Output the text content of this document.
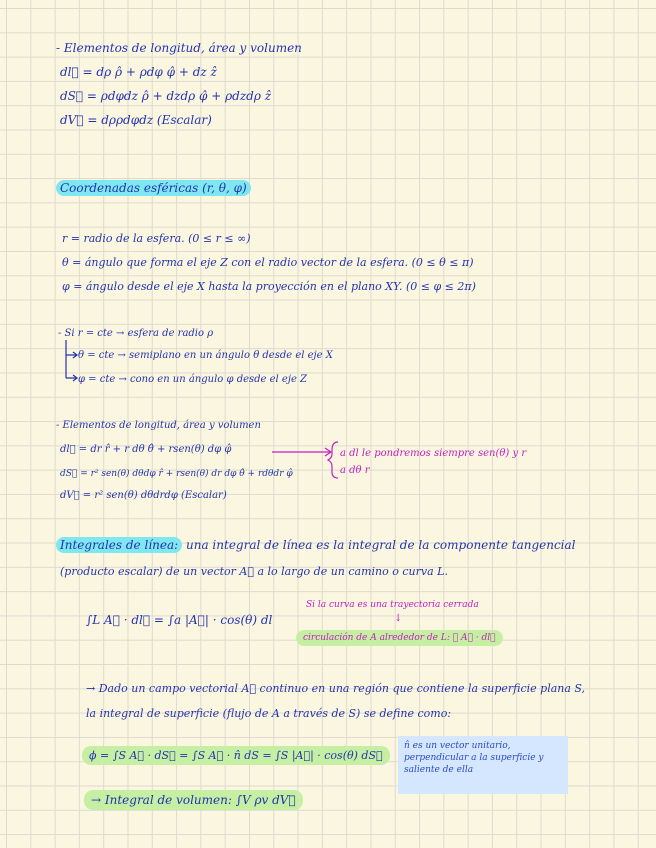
- Elementos de longitud, área y volumen
dl⃗ = dρ ρ̂ + ρdφ φ̂ + dz ẑ
dS⃗ = ρdφdz ρ̂ + dzdρ φ̂ + ρdzdρ ẑ
dV⃗ = dρρdφdz (Escalar)
Coordenadas esféricas (r, θ, φ)
r = radio de la esfera. (0 ≤ r ≤ ∞)
θ = ángulo que forma el eje Z con el radio vector de la esfera. (0 ≤ θ ≤ π)
φ = ángulo desde el eje X hasta la proyección en el plano XY. (0 ≤ φ ≤ 2π)
- Si r = cte → esfera de radio ρ
θ = cte → semiplano en un ángulo θ desde el eje X
φ = cte → cono en un ángulo φ desde el eje Z
- Elementos de longitud, área y volumen
dl⃗ = dr r̂ + r dθ θ̂ + rsen(θ) dφ φ̂
dS⃗ = r² sen(θ) dθdφ r̂ + rsen(θ) dr dφ θ̂ + rdθdr φ̂
dV⃗ = r² sen(θ) dθdrdφ (Escalar)
a dl le pondremos siempre sen(θ) y r
a dθ r
Integrales de línea: una integral de línea es la integral de la componente tangencial
(producto escalar) de un vector A⃗ a lo largo de un camino o curva L.
∫L A⃗ · dl⃗ = ∫a |A⃗| · cos(θ) dl
Si la curva es una trayectoria cerrada
↓
circulación de A alrededor de L: ∮ A⃗ · dl⃗
→ Dado un campo vectorial A⃗ continuo en una región que contiene la superficie plana S,
la integral de superficie (flujo de A a través de S) se define como:
ϕ = ∫S A⃗ · dS⃗ = ∫S A⃗ · n̂ dS = ∫S |A⃗| · cos(θ) dS⃗
n̂ es un vector unitario, perpendicular a la superficie y saliente de ella
→ Integral de volumen: ∫V ρv dV⃗
